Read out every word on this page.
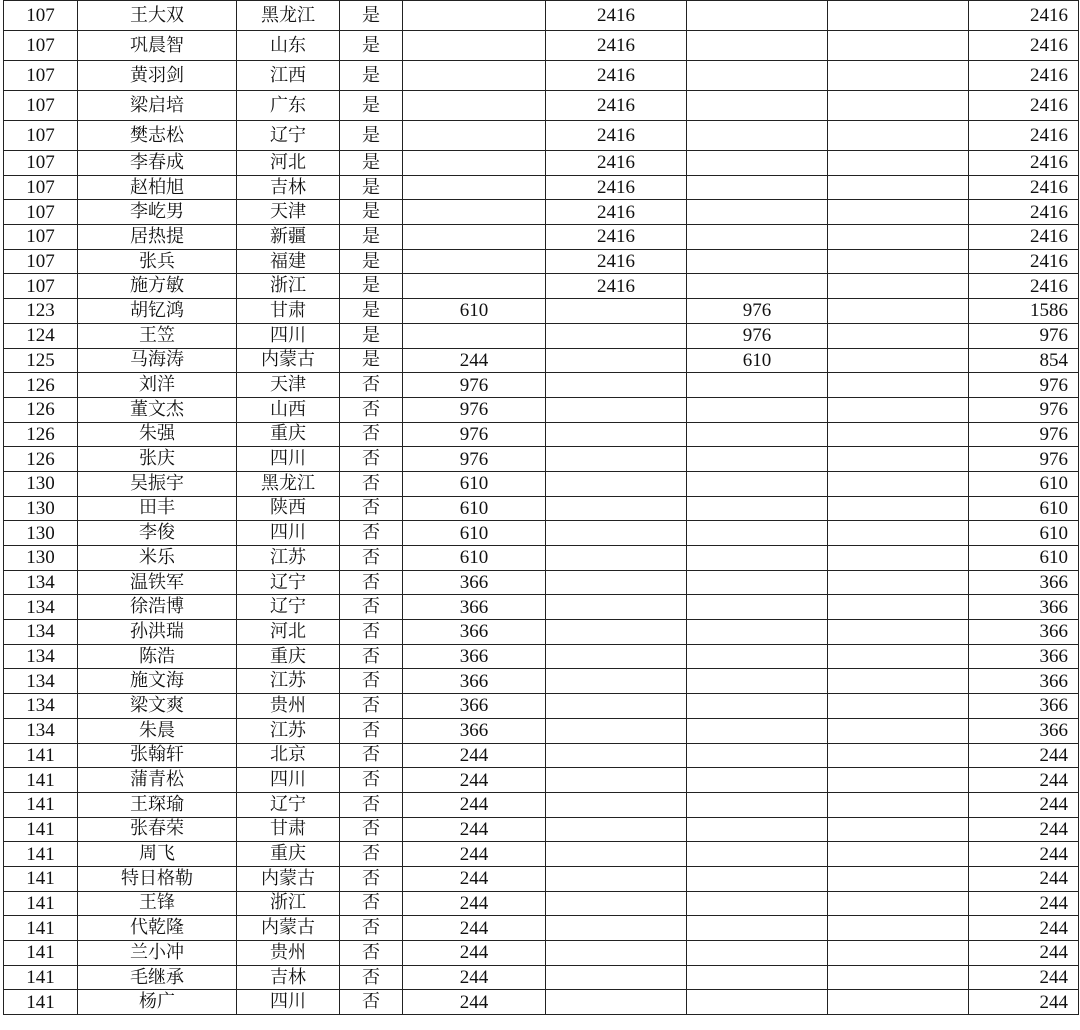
107	王大双	黑龙江	是		2416			2416
107	巩晨智	山东	是		2416			2416
107	黄羽剑	江西	是		2416			2416
107	梁启培	广东	是		2416			2416
107	樊志松	辽宁	是		2416			2416
107	李春成	河北	是		2416			2416
107	赵柏旭	吉林	是		2416			2416
107	李屹男	天津	是		2416			2416
107	居热提	新疆	是		2416			2416
107	张兵	福建	是		2416			2416
107	施方敏	浙江	是		2416			2416
123	胡钇鸿	甘肃	是	610		976		1586
124	王笠	四川	是			976		976
125	马海涛	内蒙古	是	244		610		854
126	刘洋	天津	否	976				976
126	董文杰	山西	否	976				976
126	朱强	重庆	否	976				976
126	张庆	四川	否	976				976
130	吴振宇	黑龙江	否	610				610
130	田丰	陕西	否	610				610
130	李俊	四川	否	610				610
130	米乐	江苏	否	610				610
134	温铁军	辽宁	否	366				366
134	徐浩博	辽宁	否	366				366
134	孙洪瑞	河北	否	366				366
134	陈浩	重庆	否	366				366
134	施文海	江苏	否	366				366
134	梁文爽	贵州	否	366				366
134	朱晨	江苏	否	366				366
141	张翰轩	北京	否	244				244
141	蒲青松	四川	否	244				244
141	王琛瑜	辽宁	否	244				244
141	张春荣	甘肃	否	244				244
141	周飞	重庆	否	244				244
141	特日格勒	内蒙古	否	244				244
141	王锋	浙江	否	244				244
141	代乾隆	内蒙古	否	244				244
141	兰小冲	贵州	否	244				244
141	毛继承	吉林	否	244				244
141	杨广	四川	否	244				244
